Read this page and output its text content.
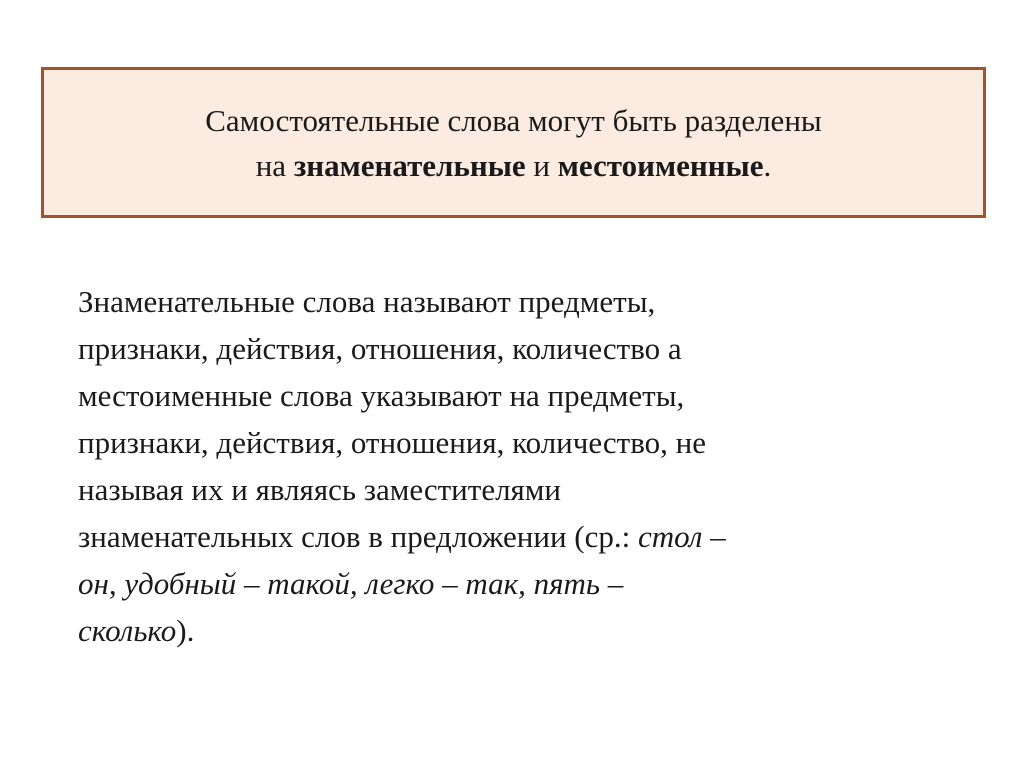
Самостоятельные слова могут быть разделены
на знаменательные и местоименные.
Знаменательные слова называют предметы,
признаки, действия, отношения, количество а
местоименные слова указывают на предметы,
признаки, действия, отношения, количество, не
называя их и являясь заместителями
знаменательных слов в предложении (ср.: стол –
он, удобный – такой, легко – так, пять –
сколько).
